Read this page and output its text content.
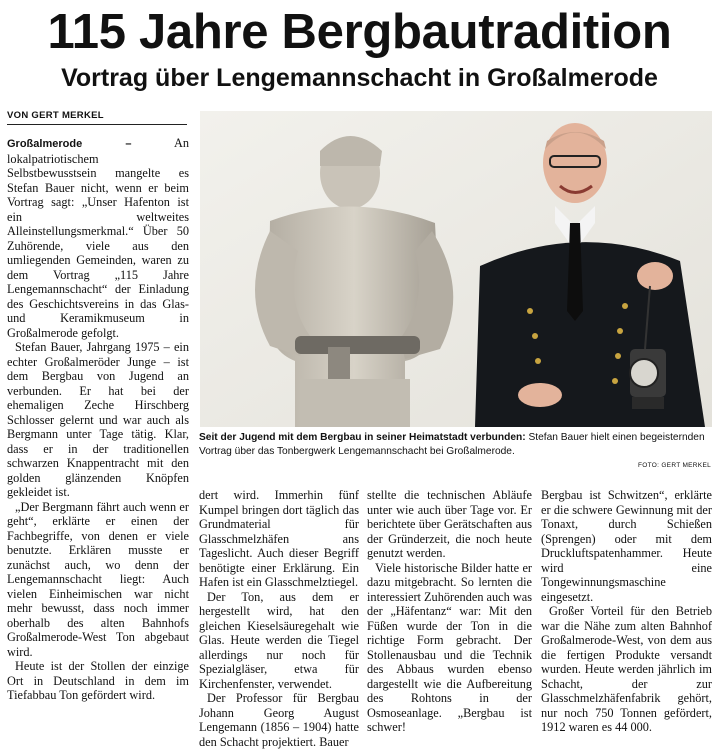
115 Jahre Bergbautradition
Vortrag über Lengemannschacht in Großalmerode
VON GERT MERKEL

Großalmerode –	An lokalpatriotischem Selbstbewusstsein mangelte es Stefan Bauer nicht, wenn er beim Vortrag sagt: „Unser Hafenton ist ein weltweites Alleinstellungsmerkmal.“ Über 50 Zuhörende, viele aus den umliegenden Gemeinden, waren zu dem Vortrag „115 Jahre Lengemannschacht“ der Einladung des Geschichtsvereins in das Glas- und Keramikmuseum in Großalmerode gefolgt.

Stefan Bauer, Jahrgang 1975 – ein echter Großalmeröder Junge – ist dem Bergbau von Jugend an verbunden. Er hat bei der ehemaligen Zeche Hirschberg Schlosser gelernt und war auch als Bergmann unter Tage tätig. Klar, dass er in der traditionellen schwarzen Knappentracht mit den golden glänzenden Knöpfen gekleidet ist.

„Der Bergmann fährt auch wenn er geht“, erklärte er einen der Fachbegriffe, von denen er viele benutzte. Erklären musste er zunächst auch, wo denn der Lengemannschacht liegt: Auch vielen Einheimischen war nicht mehr bewusst, dass noch immer oberhalb des alten Bahnhofs Großalmerode-West Ton abgebaut wird.

Heute ist der Stollen der einzige Ort in Deutschland in dem im Tiefabbau Ton gefördert wird.

Seit der Jugend mit dem Bergbau in seiner Heimatstadt verbunden: Stefan Bauer hielt einen begeisternden Vortrag über das Tonbergwerk Lengemannschacht bei Großalmerode.
FOTO: GERT MERKEL

dert wird. Immerhin fünf Kumpel bringen dort täglich das Grundmaterial für Glasschmelzhäfen ans Tageslicht. Auch dieser Begriff benötigte einer Erklärung. Ein Hafen ist ein Glasschmelztiegel.

Der Ton, aus dem er hergestellt wird, hat den gleichen Kieselsäuregehalt wie Glas. Heute werden die Tiegel allerdings nur noch für Spezialgläser, etwa für Kirchenfenster, verwendet.

Der Professor für Bergbau Johann Georg August Lengemann (1856 – 1904) hatte den Schacht projektiert. Bauer

stellte die technischen Abläufe unter wie auch über Tage vor. Er berichtete über Gerätschaften aus der Gründerzeit, die noch heute genutzt werden.

Viele historische Bilder hatte er dazu mitgebracht. So lernten die interessiert Zuhörenden auch was der „Häfentanz“ war: Mit den Füßen wurde der Ton in die richtige Form gebracht. Der Stollenausbau und die Technik des Abbaus wurden ebenso dargestellt wie die Aufbereitung des Rohtons in der Osmoseanlage. „Bergbau ist schwer!

Bergbau ist Schwitzen“, erklärte er die schwere Gewinnung mit der Tonaxt, durch Schießen (Sprengen) oder mit dem Druckluftspatenhammer. Heute wird eine Tongewinnungsmaschine eingesetzt.

Großer Vorteil für den Betrieb war die Nähe zum alten Bahnhof Großalmerode-West, von dem aus die fertigen Produkte versandt wurden. Heute werden jährlich im Schacht, der zur Glasschmelzhäfenfabrik gehört, nur noch 750 Tonnen gefördert, 1912 waren es 44 000.
